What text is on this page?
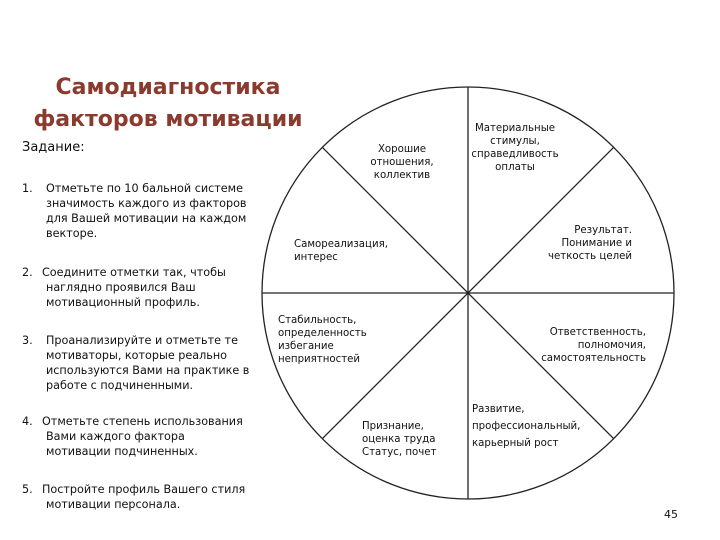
Самодиагностика
факторов мотивации
Задание:
1.	Отметьте по 10 бальной системе
значимость каждого из факторов
для Вашей мотивации на каждом
векторе.
2. Соедините отметки так, чтобы
наглядно проявился Ваш
мотивационный профиль.
3.	Проанализируйте и отметьте те
мотиваторы, которые реально
используются Вами на практике в
работе с подчиненными.
4. Отметьте степень использования
Вами каждого фактора
мотивации подчиненных.
5. Постройте профиль Вашего стиля
мотивации персонала.
Хорошие
отношения,
коллектив
Материальные
стимулы,
справедливость
оплаты
Самореализация,
интерес
Результат.
Понимание и
четкость целей
Стабильность,
определенность
избегание
неприятностей
Ответственность,
полномочия,
самостоятельность
Признание,
оценка труда
Статус, почет
Развитие,
профессиональный,
карьерный рост
45
